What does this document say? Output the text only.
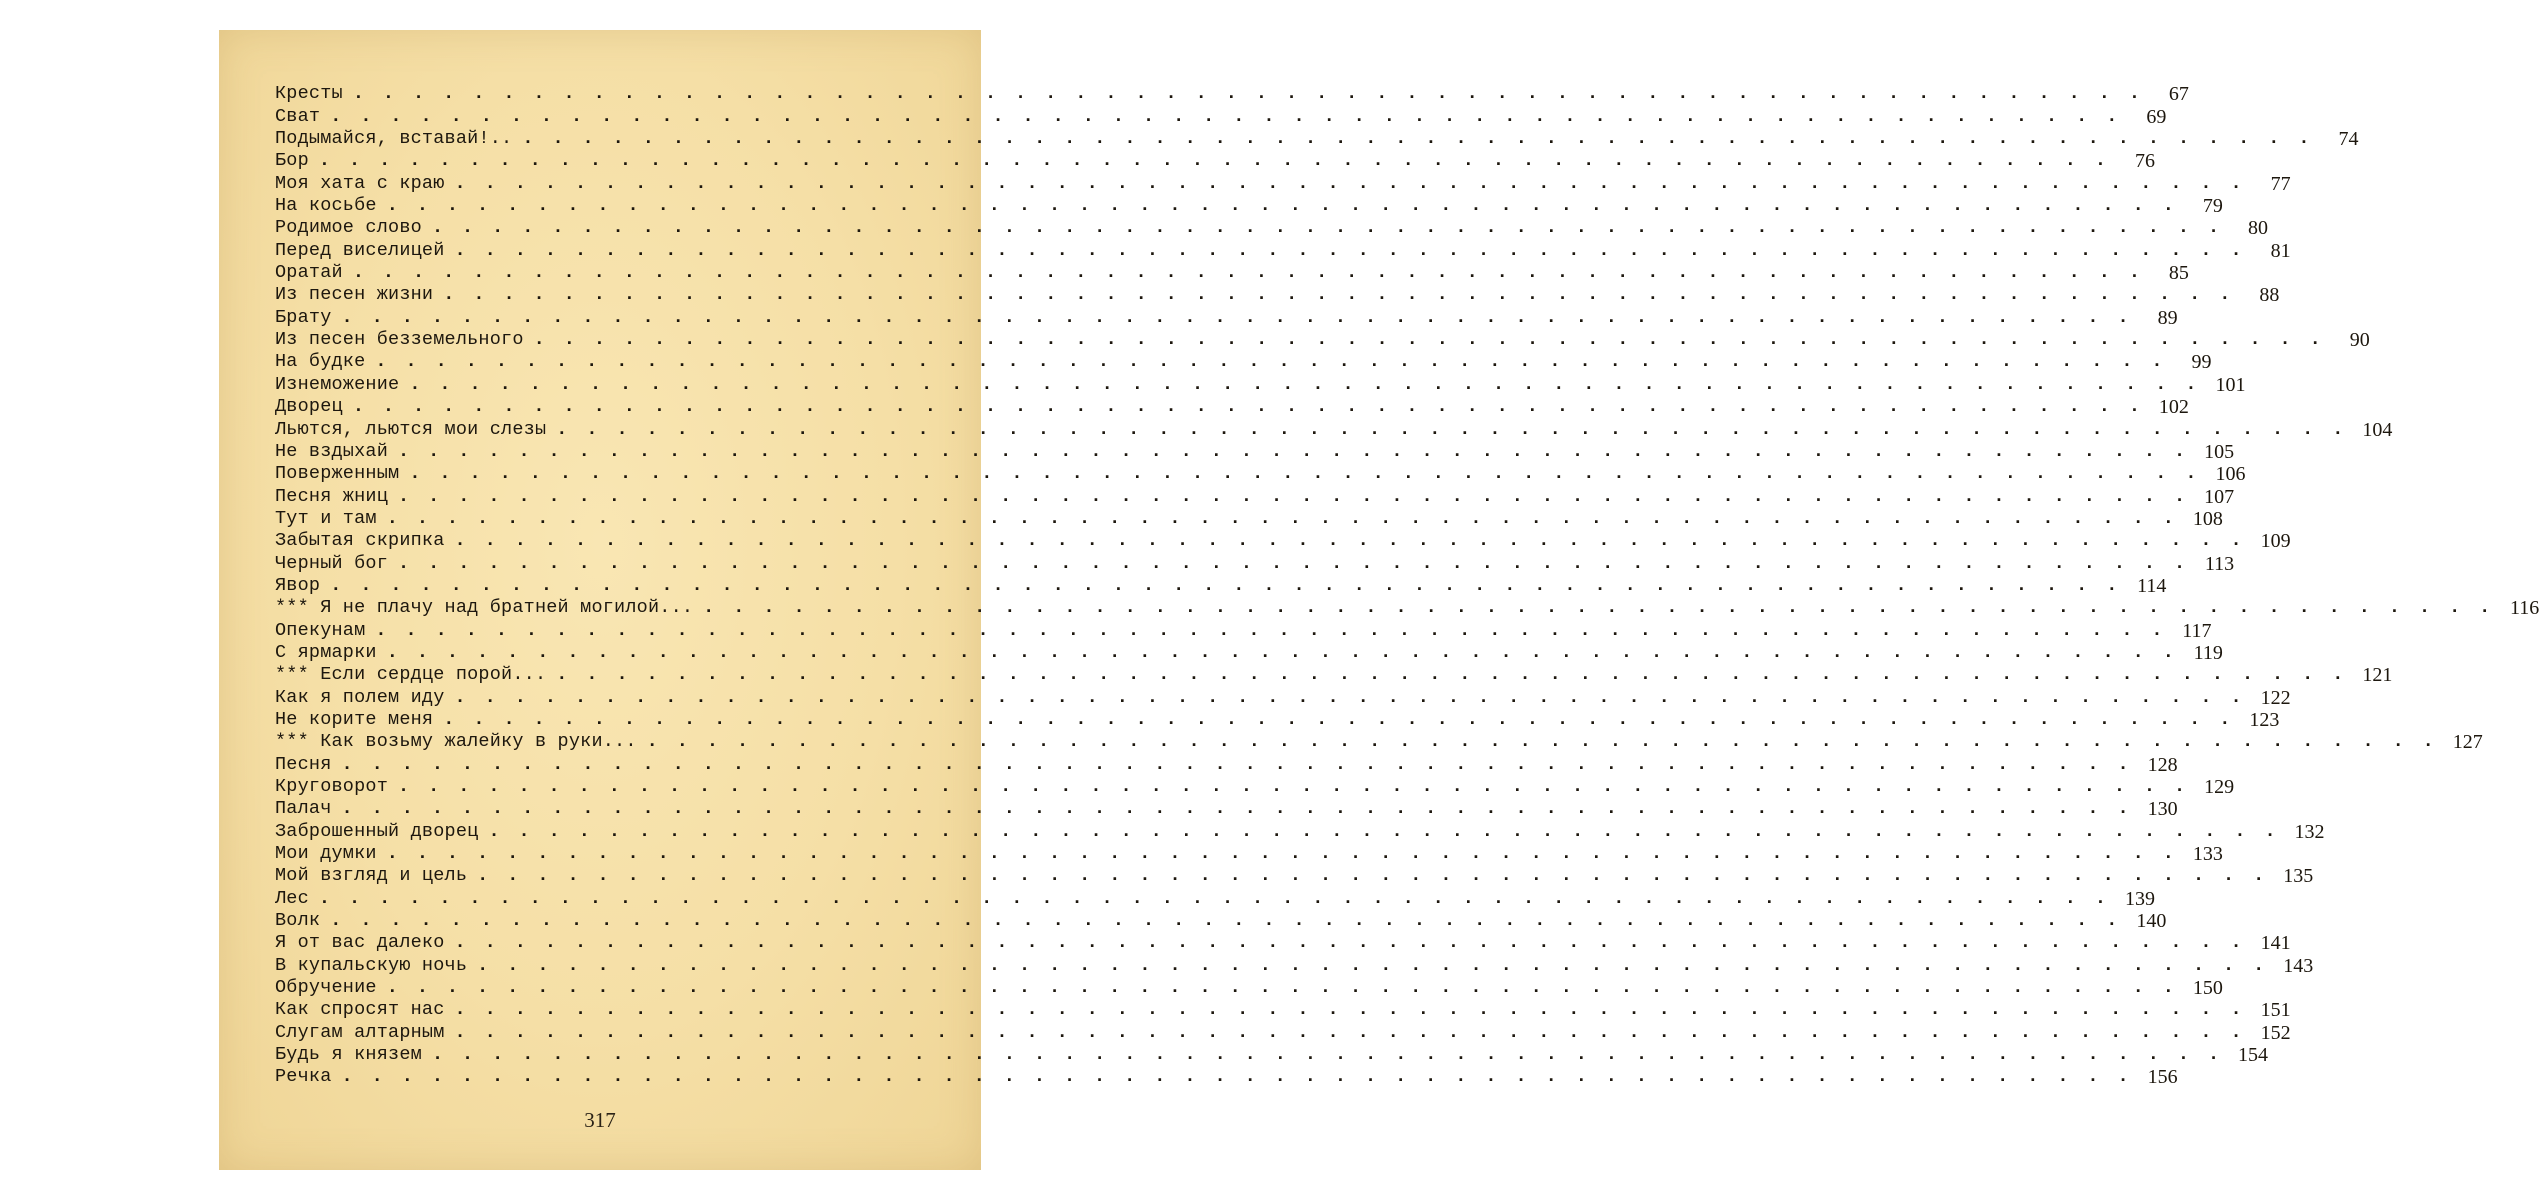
Кресты ............................................................ 67
Сват ............................................................ 69
Подымайся, вставай!.. ............................................................ 74
Бор ............................................................ 76
Моя хата с краю ............................................................ 77
На косьбе ............................................................ 79
Родимое слово ............................................................ 80
Перед виселицей ............................................................ 81
Оратай ............................................................ 85
Из песен жизни ............................................................ 88
Брату ............................................................ 89
Из песен безземельного ............................................................ 90
На будке ............................................................ 99
Изнеможение ............................................................ 101
Дворец ............................................................ 102
Льются, льются мои слезы ............................................................ 104
Не вздыхай ............................................................ 105
Поверженным ............................................................ 106
Песня жниц ............................................................ 107
Тут и там ............................................................ 108
Забытая скрипка ............................................................ 109
Черный бог ............................................................ 113
Явор ............................................................ 114
*** Я не плачу над братней могилой... ............................................................ 116
Опекунам ............................................................ 117
С ярмарки ............................................................ 119
*** Если сердце порой... ............................................................ 121
Как я полем иду ............................................................ 122
Не корите меня ............................................................ 123
*** Как возьму жалейку в руки... ............................................................ 127
Песня ............................................................ 128
Круговорот ............................................................ 129
Палач ............................................................ 130
Заброшенный дворец ............................................................ 132
Мои думки ............................................................ 133
Мой взгляд и цель ............................................................ 135
Лес ............................................................ 139
Волк ............................................................ 140
Я от вас далеко ............................................................ 141
В купальскую ночь ............................................................ 143
Обручение ............................................................ 150
Как спросят нас ............................................................ 151
Слугам алтарным ............................................................ 152
Будь я князем ............................................................ 154
Речка ............................................................ 156
317
